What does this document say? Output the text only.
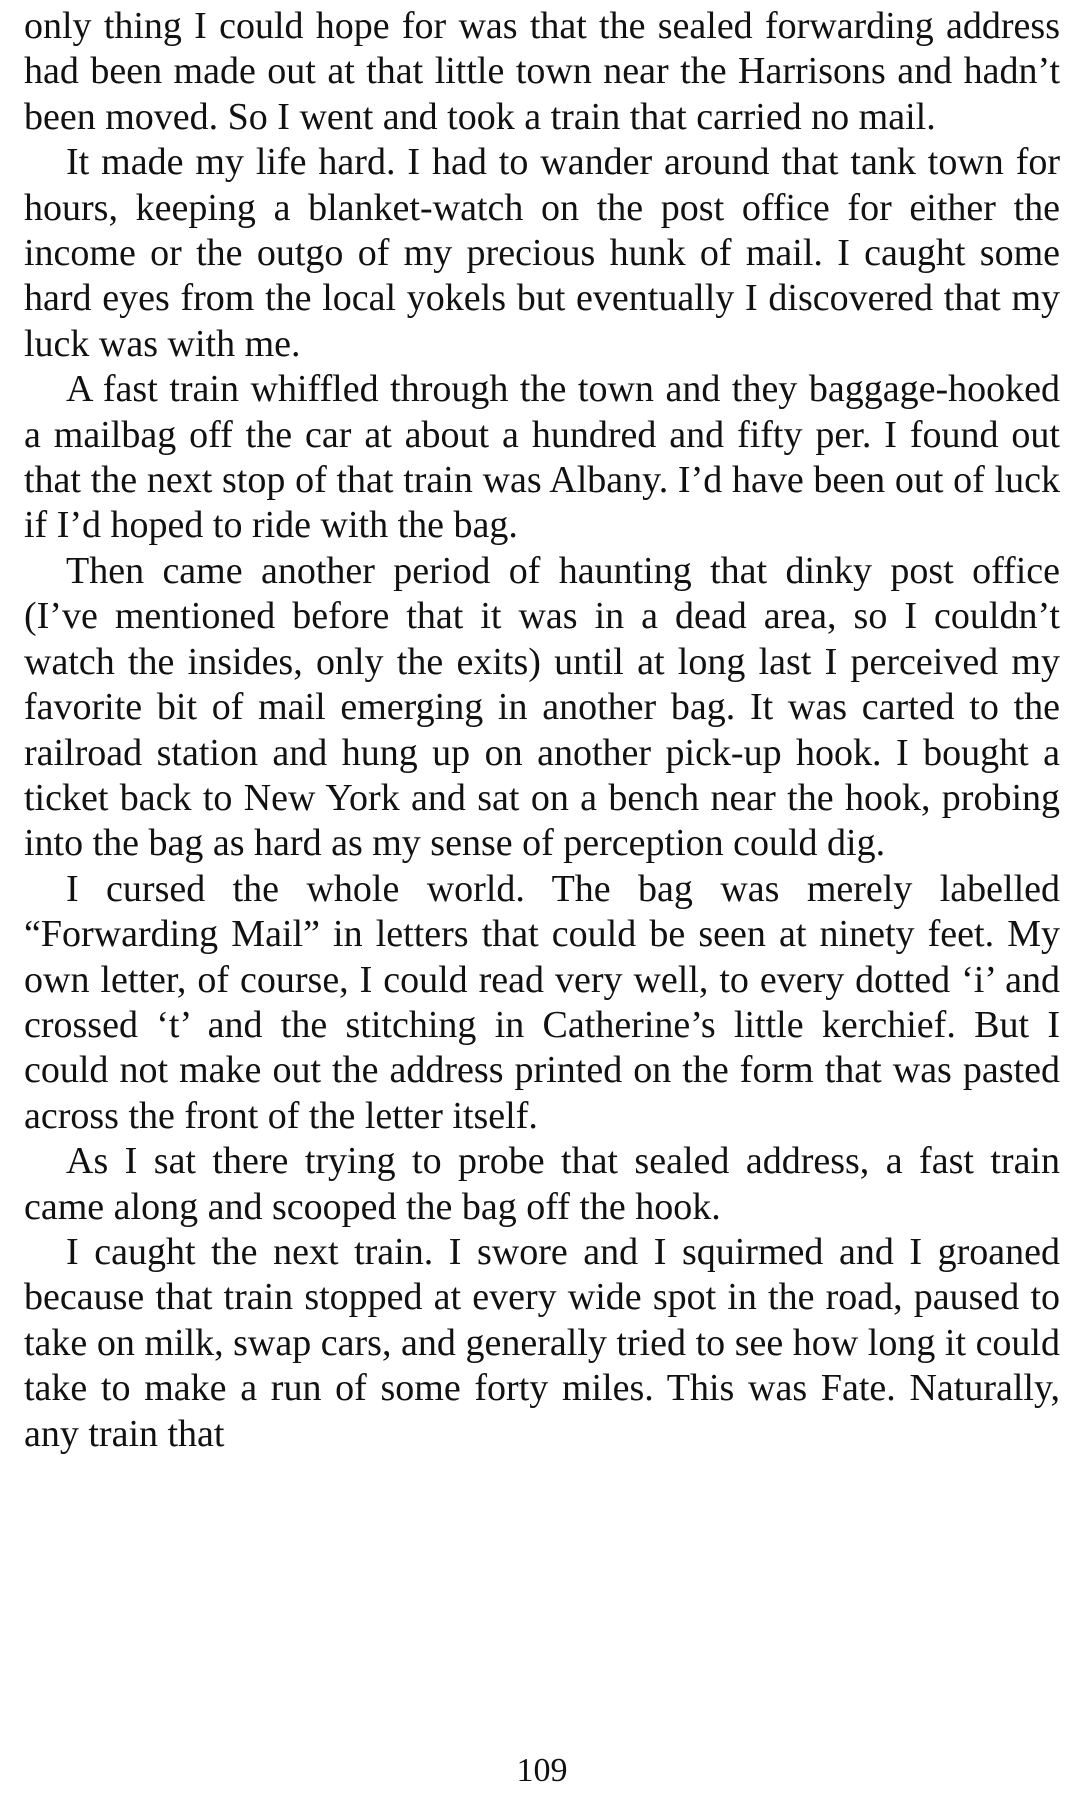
only thing I could hope for was that the sealed forwarding address had been made out at that little town near the Harrisons and hadn’t been moved. So I went and took a train that carried no mail.

It made my life hard. I had to wander around that tank town for hours, keeping a blanket-watch on the post office for either the income or the outgo of my precious hunk of mail. I caught some hard eyes from the local yokels but eventually I discovered that my luck was with me.

A fast train whiffled through the town and they baggage-hooked a mailbag off the car at about a hundred and fifty per. I found out that the next stop of that train was Albany. I’d have been out of luck if I’d hoped to ride with the bag.

Then came another period of haunting that dinky post office (I’ve mentioned before that it was in a dead area, so I couldn’t watch the insides, only the exits) until at long last I perceived my favorite bit of mail emerging in another bag. It was carted to the railroad station and hung up on another pick-up hook. I bought a ticket back to New York and sat on a bench near the hook, probing into the bag as hard as my sense of perception could dig.

I cursed the whole world. The bag was merely labelled “Forwarding Mail” in letters that could be seen at ninety feet. My own letter, of course, I could read very well, to every dotted ‘i’ and crossed ‘t’ and the stitching in Catherine’s little kerchief. But I could not make out the address printed on the form that was pasted across the front of the letter itself.

As I sat there trying to probe that sealed address, a fast train came along and scooped the bag off the hook.

I caught the next train. I swore and I squirmed and I groaned because that train stopped at every wide spot in the road, paused to take on milk, swap cars, and generally tried to see how long it could take to make a run of some forty miles. This was Fate. Naturally, any train that

109
